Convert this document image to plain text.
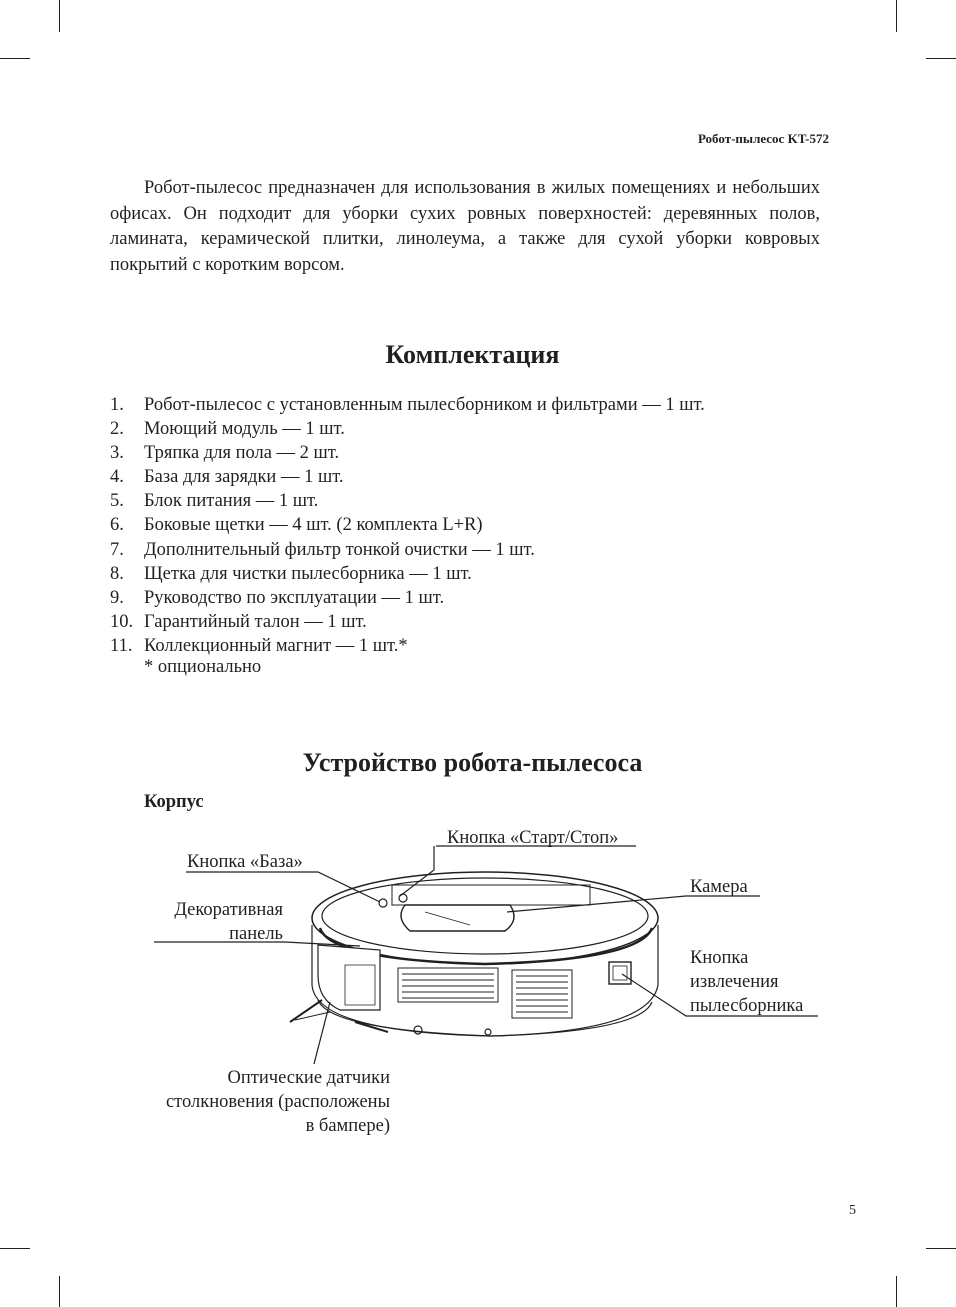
Робот-пылесос KT-572

Робот-пылесос предназначен для использования в жилых помещениях и небольших офисах. Он подходит для уборки сухих ровных поверхностей: деревянных полов, ламината, керамической плитки, линолеума, а также для сухой уборки ковровых покрытий с коротким ворсом.

Комплектация
1. Робот-пылесос с установленным пылесборником и фильтрами — 1 шт.
2. Моющий модуль — 1 шт.
3. Тряпка для пола — 2 шт.
4. База для зарядки — 1 шт.
5. Блок питания — 1 шт.
6. Боковые щетки — 4 шт. (2 комплекта L+R)
7. Дополнительный фильтр тонкой очистки — 1 шт.
8. Щетка для чистки пылесборника — 1 шт.
9. Руководство по эксплуатации — 1 шт.
10. Гарантийный талон — 1 шт.
11. Коллекционный магнит — 1 шт.*
* опционально
Устройство робота-пылесоса
Корпус
Кнопка «Старт/Стоп»
Кнопка «База»
Камера
Декоративная
панель
Кнопка
извлечения
пылесборника
Оптические датчики
столкновения (расположены
в бампере)
5
